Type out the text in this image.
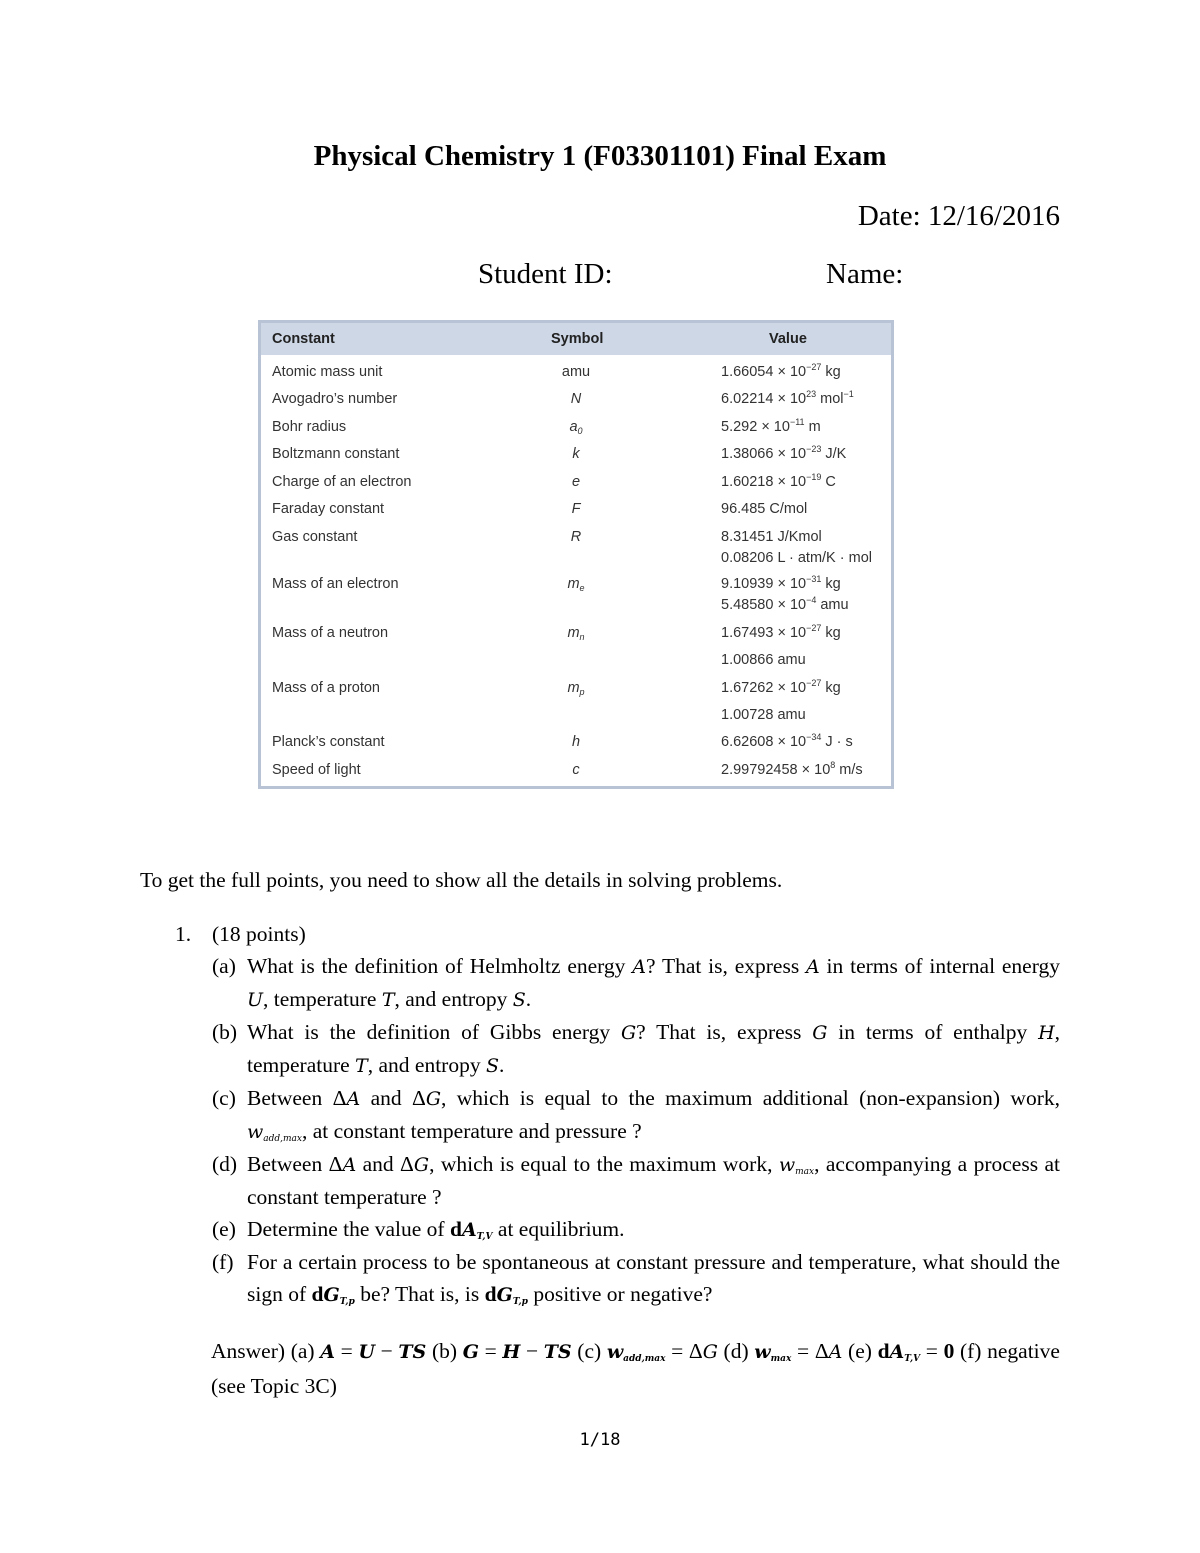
Physical Chemistry 1 (F03301101) Final Exam
Date: 12/16/2016
Student ID:	Name:
Constant	Symbol	Value
Atomic mass unit	amu	$1.66054 \times 10^{-27}$ kg
Avogadro’s number	N	$6.02214 \times 10^{23}$ mol$^{-1}$
Bohr radius	$a_0$	$5.292 \times 10^{-11}$ m
Boltzmann constant	k	$1.38066 \times 10^{-23}$ J/K
Charge of an electron	e	$1.60218 \times 10^{-19}$ C
Faraday constant	F	96.485 C/mol
Gas constant	R	8.31451 J/Kmol
0.08206 L · atm/K · mol
Mass of an electron	$m_e$	$9.10939 \times 10^{-31}$ kg
$5.48580 \times 10^{-4}$ amu
Mass of a neutron	$m_n$	$1.67493 \times 10^{-27}$ kg
1.00866 amu
Mass of a proton	$m_p$	$1.67262 \times 10^{-27}$ kg
1.00728 amu
Planck’s constant	h	$6.62608 \times 10^{-34}$ J · s
Speed of light	c	$2.99792458 \times 10^8$ m/s

To get the full points, you need to show all the details in solving problems.

1. (18 points)
(a) What is the definition of Helmholtz energy A? That is, express A in terms of internal energy U, temperature T, and entropy S.
(b) What is the definition of Gibbs energy G? That is, express G in terms of enthalpy H, temperature T, and entropy S.
(c) Between ΔA and ΔG, which is equal to the maximum additional (non-expansion) work, $w_{add,max}$, at constant temperature and pressure ?
(d) Between ΔA and ΔG, which is equal to the maximum work, $w_{max}$, accompanying a process at constant temperature ?
(e) Determine the value of $dA_{T,V}$ at equilibrium.
(f) For a certain process to be spontaneous at constant pressure and temperature, what should the sign of $dG_{T,p}$ be? That is, is $dG_{T,p}$ positive or negative?
Answer) (a) A = U − TS (b) G = H − TS (c) $w_{add,max} = \Delta G$ (d) $w_{max} = \Delta A$ (e) $dA_{T,V} = 0$ (f) negative (see Topic 3C)
1/18
